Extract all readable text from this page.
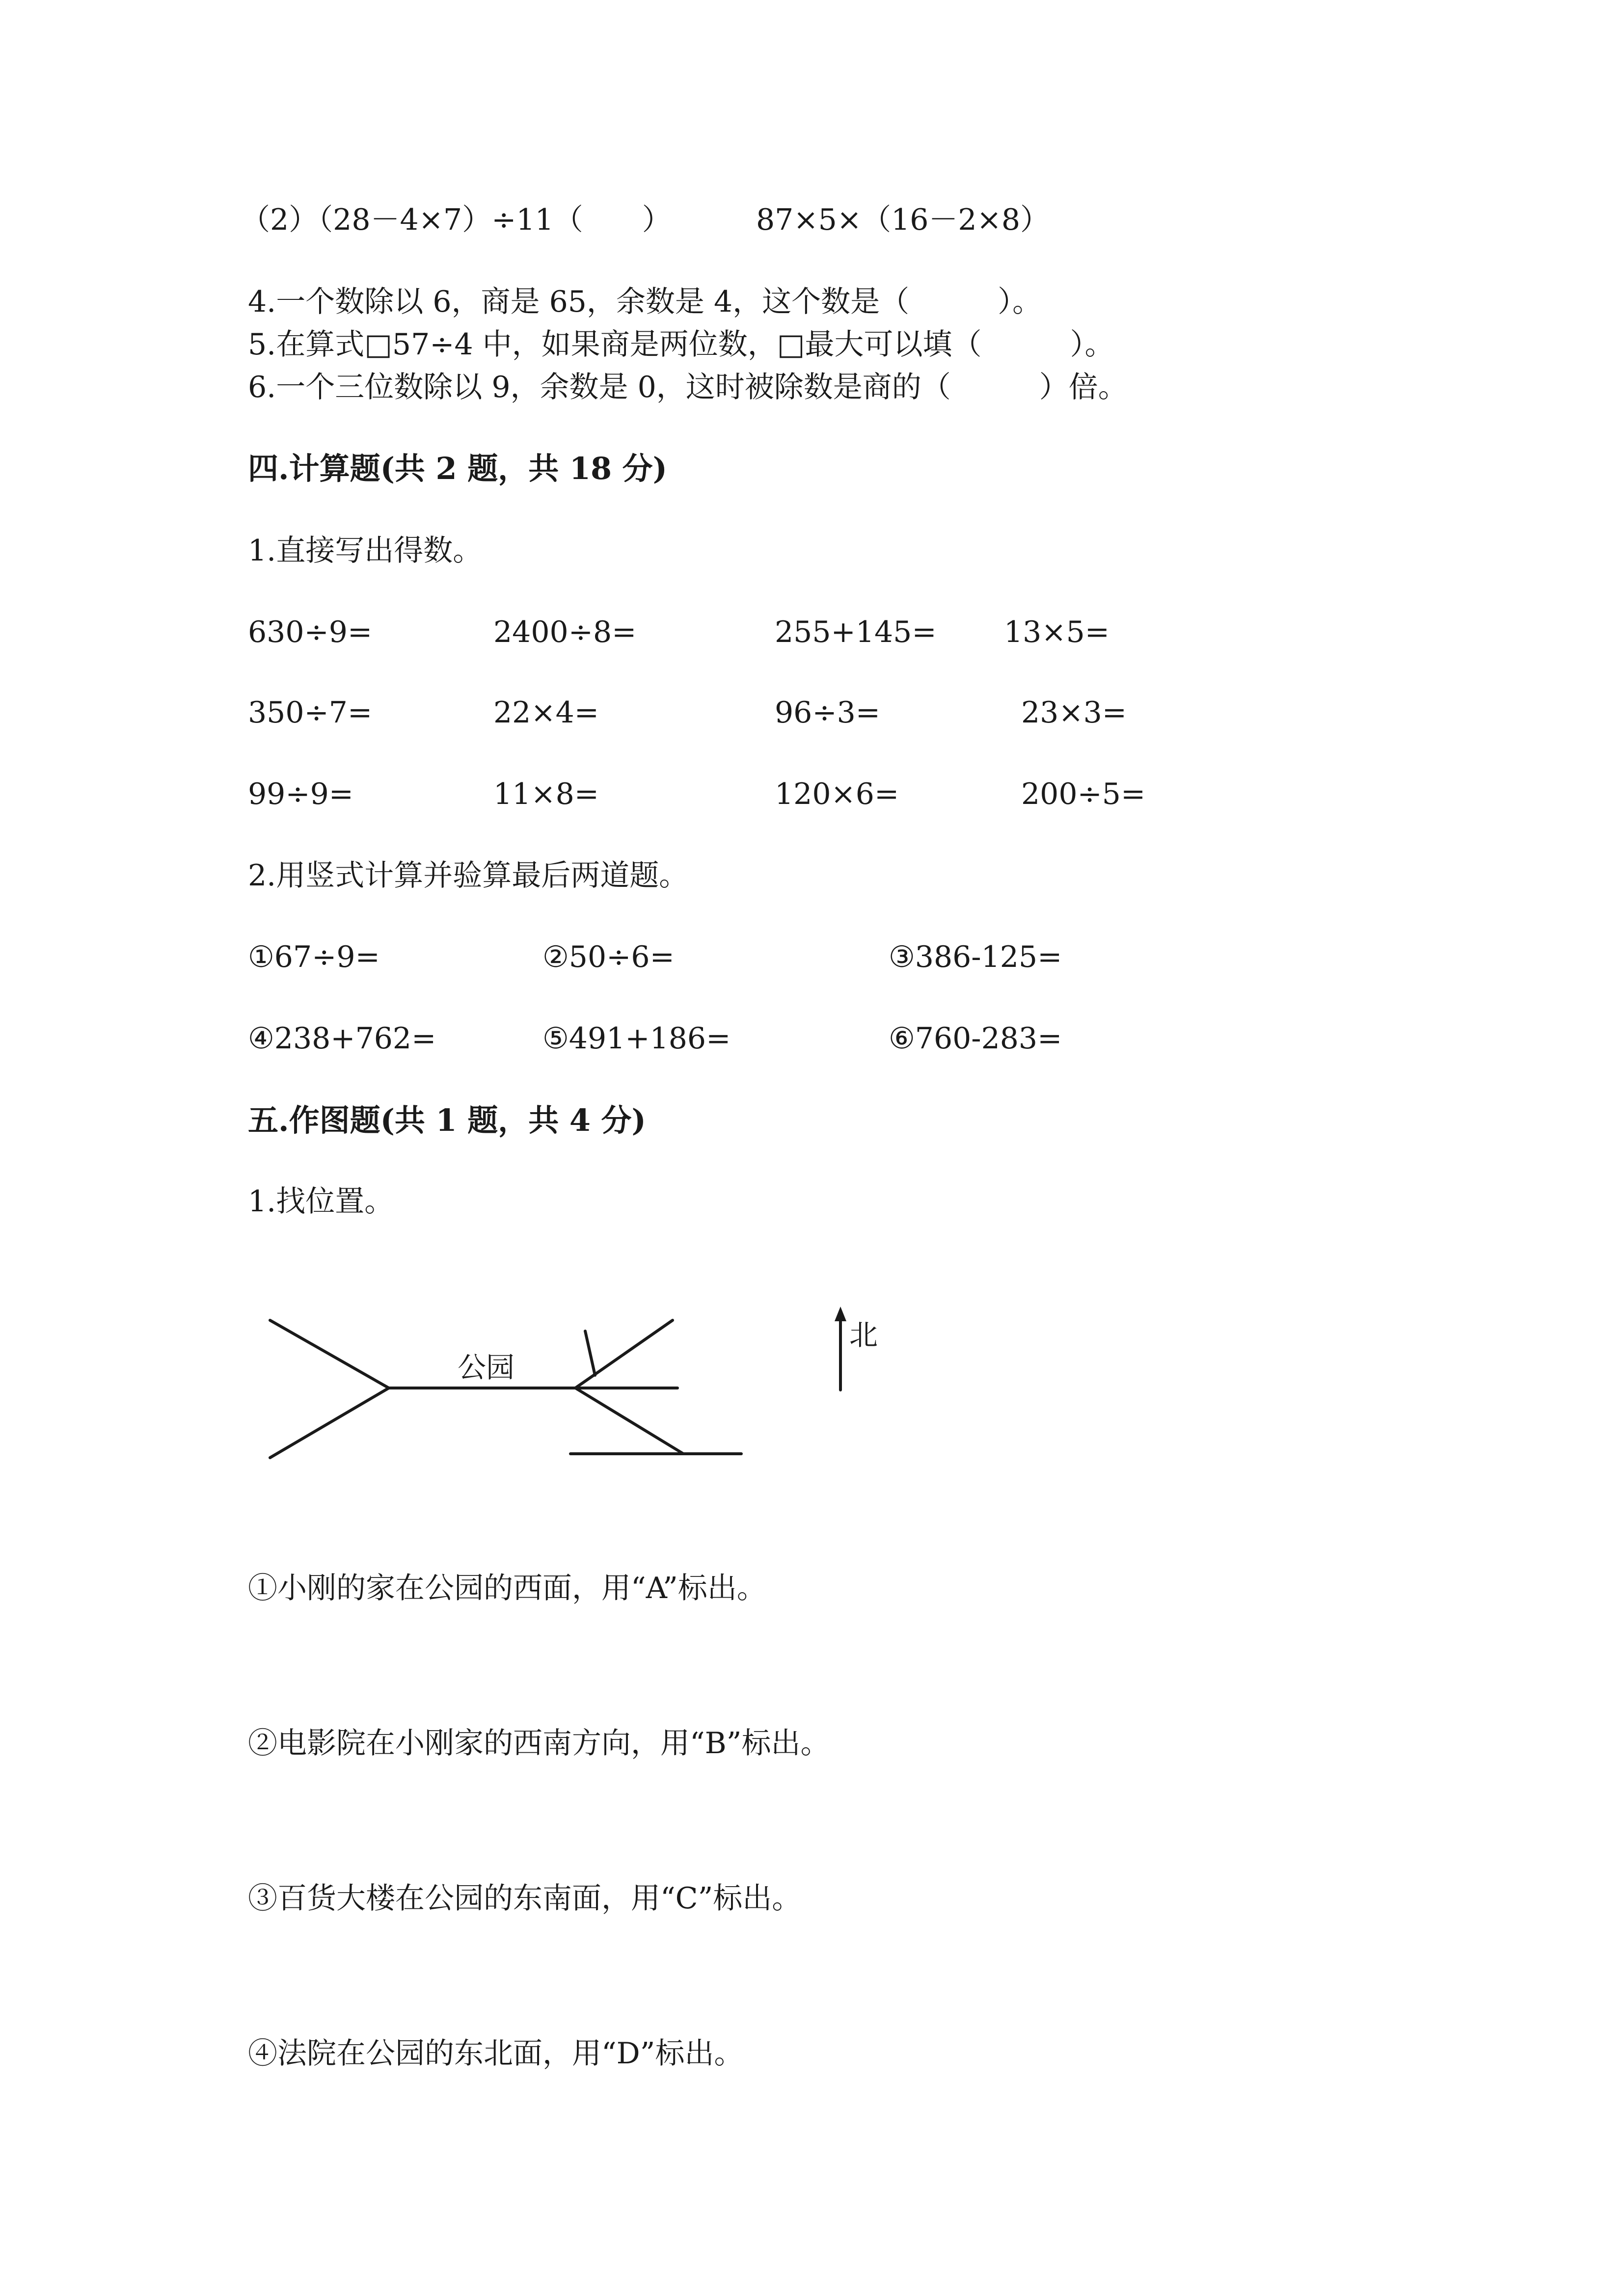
（2）（28－4×7）÷11（　　）	87×5×（16－2×8）
4.一个数除以 6，商是 65，余数是 4，这个数是（　　　）。
5.在算式□57÷4 中，如果商是两位数，□最大可以填（　　　）。
6.一个三位数除以 9，余数是 0，这时被除数是商的（　　　）倍。
四.计算题(共 2 题，共 18 分)
1.直接写出得数。
630÷9=	2400÷8=	255+145= 13×5=
350÷7=	22×4=	96÷3=	23×3=
99÷9=	11×8=	120×6=	200÷5=
2.用竖式计算并验算最后两道题。
①67÷9=	②50÷6=	③386-125=
④238+762=	⑤491+186=	⑥760-283=
五.作图题(共 1 题，共 4 分)
1.找位置。
公园
北
①小刚的家在公园的西面，用“A”标出。
②电影院在小刚家的西南方向，用“B”标出。
③百货大楼在公园的东南面，用“C”标出。
④法院在公园的东北面，用“D”标出。
